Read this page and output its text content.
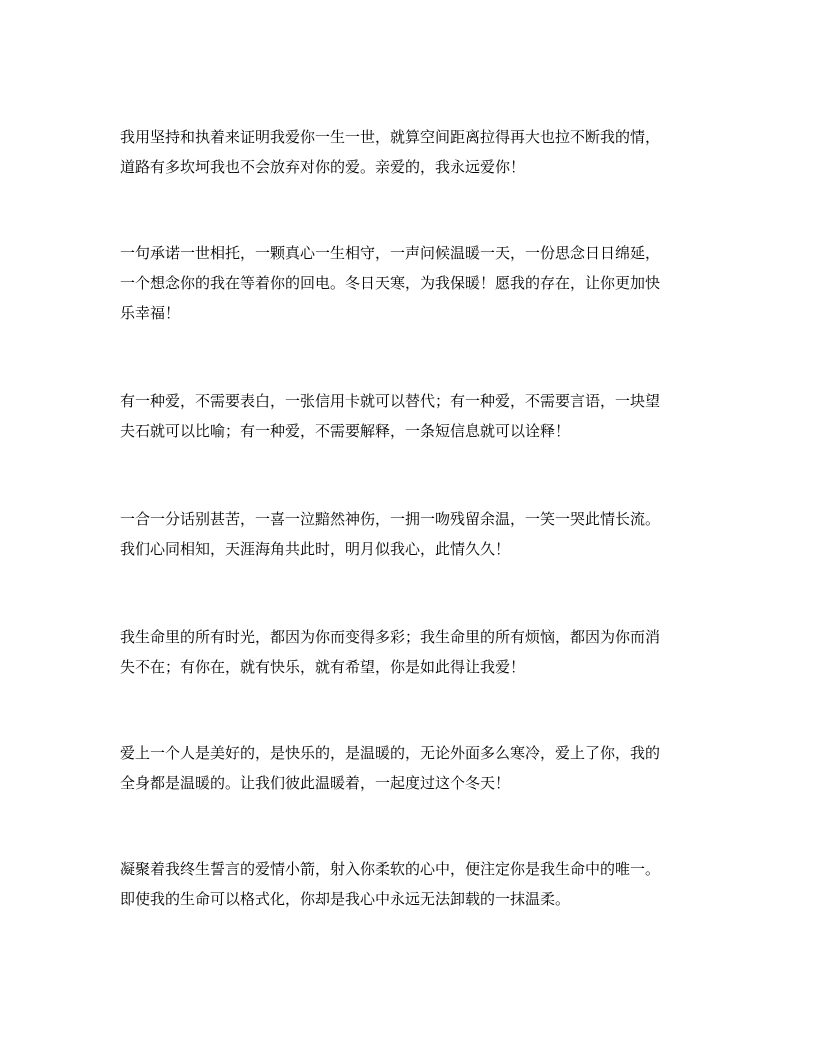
我用坚持和执着来证明我爱你一生一世，就算空间距离拉得再大也拉不断我的情，
道路有多坎坷我也不会放弃对你的爱。亲爱的，我永远爱你！

一句承诺一世相托，一颗真心一生相守，一声问候温暖一天，一份思念日日绵延，
一个想念你的我在等着你的回电。冬日天寒，为我保暖！愿我的存在，让你更加快
乐幸福！

有一种爱，不需要表白，一张信用卡就可以替代；有一种爱，不需要言语，一块望
夫石就可以比喻；有一种爱，不需要解释，一条短信息就可以诠释！

一合一分话别甚苦，一喜一泣黯然神伤，一拥一吻残留余温，一笑一哭此情长流。
我们心同相知，天涯海角共此时，明月似我心，此情久久！

我生命里的所有时光，都因为你而变得多彩；我生命里的所有烦恼，都因为你而消
失不在；有你在，就有快乐，就有希望，你是如此得让我爱！

爱上一个人是美好的，是快乐的，是温暖的，无论外面多么寒冷，爱上了你，我的
全身都是温暖的。让我们彼此温暖着，一起度过这个冬天！

凝聚着我终生誓言的爱情小箭，射入你柔软的心中，便注定你是我生命中的唯一。
即使我的生命可以格式化，你却是我心中永远无法卸载的一抹温柔。
